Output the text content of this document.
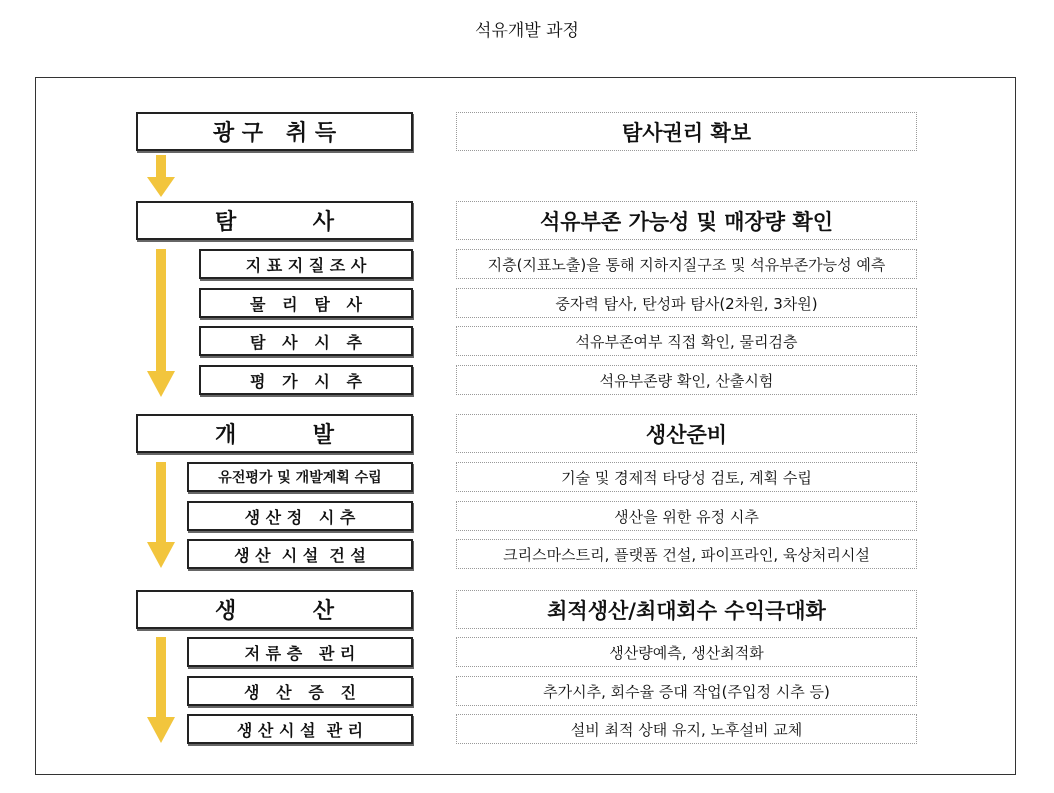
석유개발 과정
광 구   취 득	탐사권리 확보
탐          사	석유부존 가능성 및 매장량 확인
지 표 지 질 조 사	지층(지표노출)을 통해 지하지질구조 및 석유부존가능성 예측
물   리   탐   사	중자력 탐사, 탄성파 탐사(2차원, 3차원)
탐   사   시   추	석유부존여부 직접 확인, 물리검층
평   가   시   추	석유부존량 확인, 산출시험
개          발	생산준비
유전평가 및 개발계획 수립	기술 및 경제적 타당성 검토, 계획 수립
생 산 정   시 추	생산을 위한 유정 시추
생 산  시 설  건 설	크리스마스트리, 플랫폼 건설, 파이프라인, 육상처리시설
생          산	최적생산/최대회수 수익극대화
저 류 층   관 리	생산량예측, 생산최적화
생   산   증   진	추가시추, 회수율 증대 작업(주입정 시추 등)
생 산 시 설  관 리	설비 최적 상태 유지, 노후설비 교체
